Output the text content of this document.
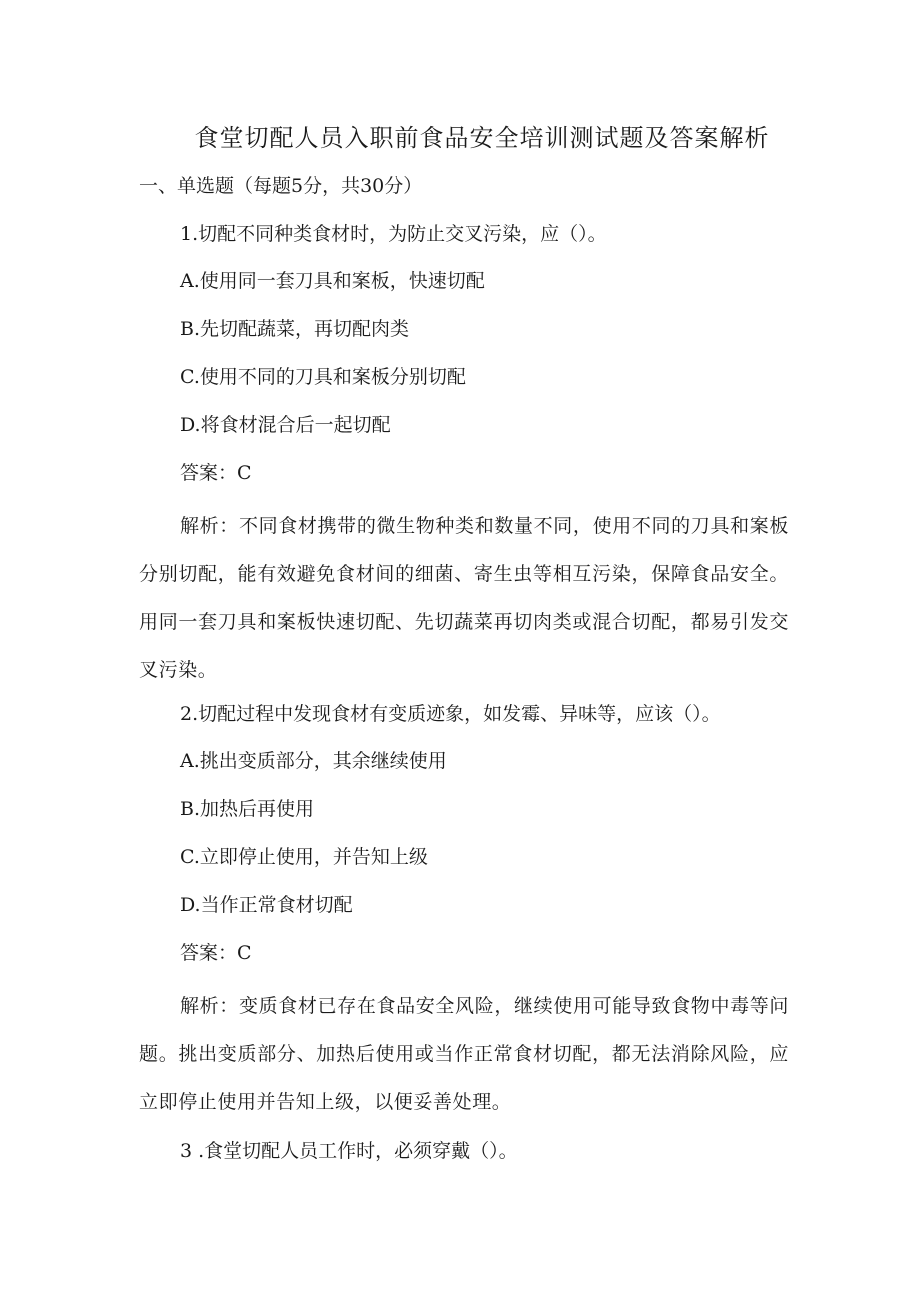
食堂切配人员入职前食品安全培训测试题及答案解析
一、单选题（每题5分，共30分）
1.切配不同种类食材时，为防止交叉污染，应（）。
A.使用同一套刀具和案板，快速切配
B.先切配蔬菜，再切配肉类
C.使用不同的刀具和案板分别切配
D.将食材混合后一起切配
答案：C
解析：不同食材携带的微生物种类和数量不同，使用不同的刀具和案板分别切配，能有效避免食材间的细菌、寄生虫等相互污染，保障食品安全。用同一套刀具和案板快速切配、先切蔬菜再切肉类或混合切配，都易引发交叉污染。
2.切配过程中发现食材有变质迹象，如发霉、异味等，应该（）。
A.挑出变质部分，其余继续使用
B.加热后再使用
C.立即停止使用，并告知上级
D.当作正常食材切配
答案：C
解析：变质食材已存在食品安全风险，继续使用可能导致食物中毒等问题。挑出变质部分、加热后使用或当作正常食材切配，都无法消除风险，应立即停止使用并告知上级，以便妥善处理。
3 .食堂切配人员工作时，必须穿戴（）。
